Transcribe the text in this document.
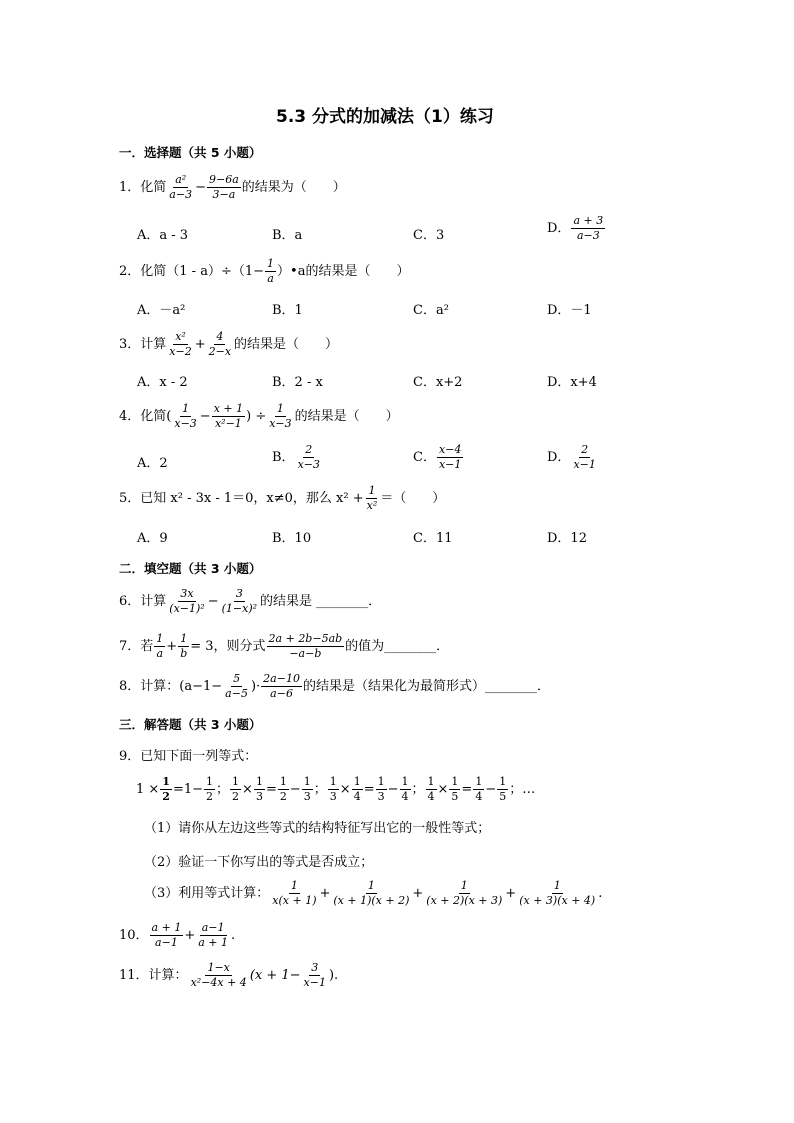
5.3 分式的加减法（1）练习
一．选择题（共 5 小题）
1． 化简 $\frac{\text{a²}}{a-3} - \frac{9-6a}{3-a}$ 的结果为（　　）
A．a - 3	B．a	C．3	D． $\frac{a + 3}{a-3}$
2． 化简$(1 - a)\div(1- \frac{1}{a}$ ）•a的结果是（　　）
A．－a²	B．1	C．a²	D．－1
3． 计算 $\frac{\text{x²}}{x-2} + \frac{4}{2-x}$ 的结果是（　　）
A．x - 2	B．2 - x	C．x+2	D．x+4
4． 化简( $\frac{1}{x-3} - \frac{x + 1}{\text{x²−1}}$ ) ÷ $\frac{1}{x-3}$ 的结果是（　　）
A．2	B． $\frac{2}{x-3}$	C． $\frac{x-4}{x-1}$	D． $\frac{2}{x-1}$
5． 已知 x² - 3x - 1＝0，x≠0，那么 $x^2 + \frac{1}{\text{x²}}$ ＝（　　）
A．9	B．10	C．11	D．12
二．填空题（共 3 小题）
6． 计算 $\frac{3x}{\text{(x−1)²}} - \frac{3}{\text{(1−x)²}}$ 的结果是 ________．
7． 若 $\frac{1}{a} + \frac{1}{b} = 3$，则分式 $\frac{2a + 2b-5ab}{-a-b}$ 的值为________．
8． 计算：($a-1- \frac{5}{a-5}$ )· $\frac{2a-10}{a-6}$ 的结果是（结果化为最简形式）________．
三．解答题（共 3 小题）
9．已知下面一列等式：
$1 \times \frac{1}{2} = 1- \frac{1}{2}$ ； $\frac{1}{2} \times \frac{1}{3} = \frac{1}{2} - \frac{1}{3}$ ； $\frac{1}{3} \times \frac{1}{4} = \frac{1}{3} - \frac{1}{4}$ ； $\frac{1}{4} \times \frac{1}{5} = \frac{1}{4} - \frac{1}{5}$ ；…
（1）请你从左边这些等式的结构特征写出它的一般性等式；
（2）验证一下你写出的等式是否成立；
（3）利用等式计算： $\frac{1}{x(x + 1)} + \frac{1}{(x + 1)(x + 2)} + \frac{1}{(x + 2)(x + 3)} + \frac{1}{(x + 3)(x + 4)}$ .
10． $\frac{a + 1}{a-1} + \frac{a-1}{a + 1}$ .
11． 计算： $\frac{1-x}{\text{x²−4x + 4}} (x + 1- \frac{3}{x-1}$ ).
